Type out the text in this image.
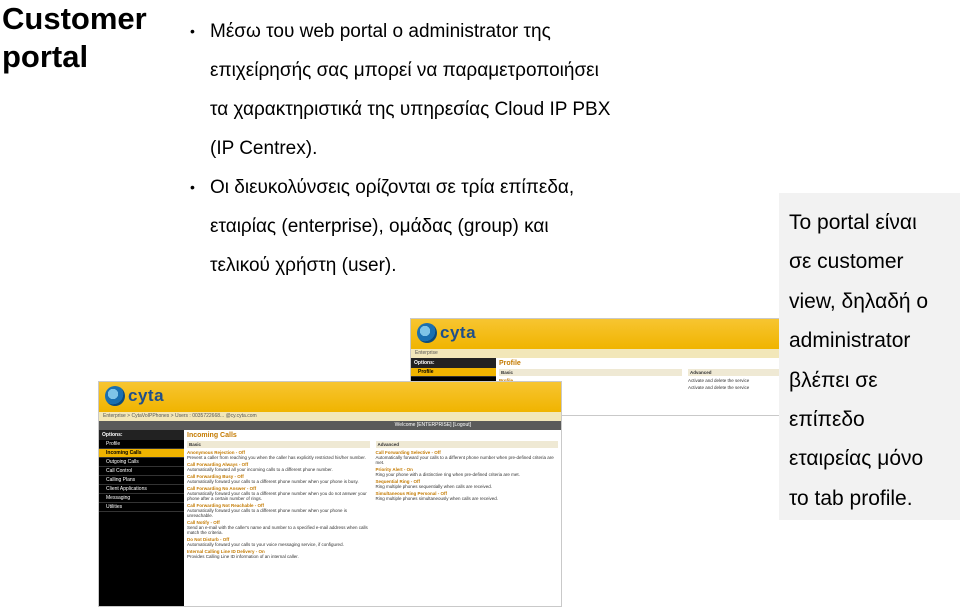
Customer
portal
• Μέσω του web portal ο administrator της
επιχείρησής σας μπορεί να παραμετροποιήσει
τα χαρακτηριστικά της υπηρεσίας Cloud IP PBX
(IP Centrex).
• Οι διευκολύνσεις ορίζονται σε τρία επίπεδα,
εταιρίας (enterprise), ομάδας (group) και
τελικού χρήστη (user).
cyta
Enterprise
Options:
Profile
Profile
Basic	Advanced
Activate and delete the service
Activate and delete the service
cyta
Enterprise > CytaVoIPPhones > Users : 0035722668... @cy.cyta.com
Welcome [ENTERPRISE] [Logout]
Options:
Profile
Incoming Calls
Outgoing Calls
Call Control
Calling Plans
Client Applications
Messaging
Utilities
Incoming Calls
Basic
Anonymous Rejection - Off
Prevent a caller from reaching you when the caller has explicitly restricted his/her number.
Call Forwarding Always - Off
Automatically forward all your incoming calls to a different phone number.
Call Forwarding Busy - Off
Automatically forward your calls to a different phone number when your phone is busy.
Call Forwarding No Answer - Off
Automatically forward your calls to a different phone number when you do not answer your phone after a certain number of rings.
Call Forwarding Not Reachable - Off
Automatically forward your calls to a different phone number when your phone is unreachable.
Call Notify - Off
Send an e-mail with the caller's name and number to a specified e-mail address when calls match the criteria.
Do Not Disturb - Off
Automatically forward your calls to your voice messaging service, if configured.
Internal Calling Line ID Delivery - On
Provides Calling Line ID information of an internal caller.
Advanced
Call Forwarding Selective - Off
Automatically forward your calls to a different phone number when pre-defined criteria are met.
Priority Alert - On
Ring your phone with a distinctive ring when pre-defined criteria are met.
Sequential Ring - Off
Ring multiple phones sequentially when calls are received.
Simultaneous Ring Personal - Off
Ring multiple phones simultaneously when calls are received.
Το portal είναι
σε customer
view, δηλαδή ο
administrator
βλέπει σε
επίπεδο
εταιρείας μόνο
το tab profile.
